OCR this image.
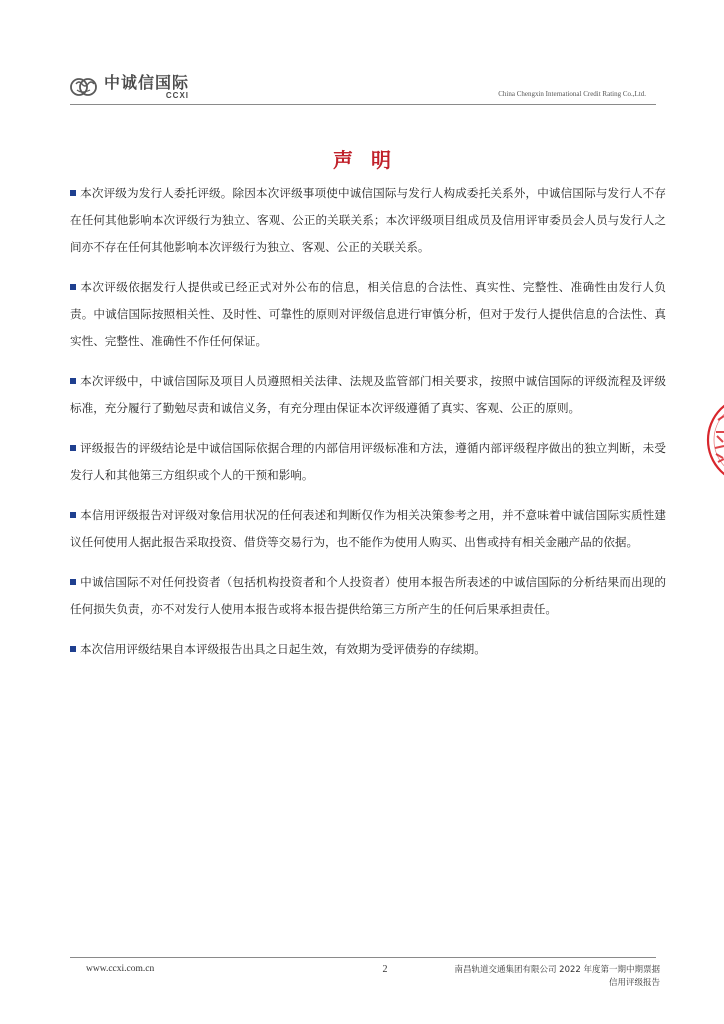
中诚信国际
CCXI	China Chengxin International Credit Rating Co.,Ltd.
声明
本次评级为发行人委托评级。除因本次评级事项使中诚信国际与发行人构成委托关系外，中诚信国际与发行人不存在任何其他影响本次评级行为独立、客观、公正的关联关系；本次评级项目组成员及信用评审委员会人员与发行人之间亦不存在任何其他影响本次评级行为独立、客观、公正的关联关系。
本次评级依据发行人提供或已经正式对外公布的信息，相关信息的合法性、真实性、完整性、准确性由发行人负责。中诚信国际按照相关性、及时性、可靠性的原则对评级信息进行审慎分析，但对于发行人提供信息的合法性、真实性、完整性、准确性不作任何保证。
本次评级中，中诚信国际及项目人员遵照相关法律、法规及监管部门相关要求，按照中诚信国际的评级流程及评级标准，充分履行了勤勉尽责和诚信义务，有充分理由保证本次评级遵循了真实、客观、公正的原则。
评级报告的评级结论是中诚信国际依据合理的内部信用评级标准和方法，遵循内部评级程序做出的独立判断，未受发行人和其他第三方组织或个人的干预和影响。
本信用评级报告对评级对象信用状况的任何表述和判断仅作为相关决策参考之用，并不意味着中诚信国际实质性建议任何使用人据此报告采取投资、借贷等交易行为，也不能作为使用人购买、出售或持有相关金融产品的依据。
中诚信国际不对任何投资者（包括机构投资者和个人投资者）使用本报告所表述的中诚信国际的分析结果而出现的任何损失负责，亦不对发行人使用本报告或将本报告提供给第三方所产生的任何后果承担责任。
本次信用评级结果自本评级报告出具之日起生效，有效期为受评债券的存续期。
www.ccxi.com.cn	2	南昌轨道交通集团有限公司 2022 年度第一期中期票据
信用评级报告
